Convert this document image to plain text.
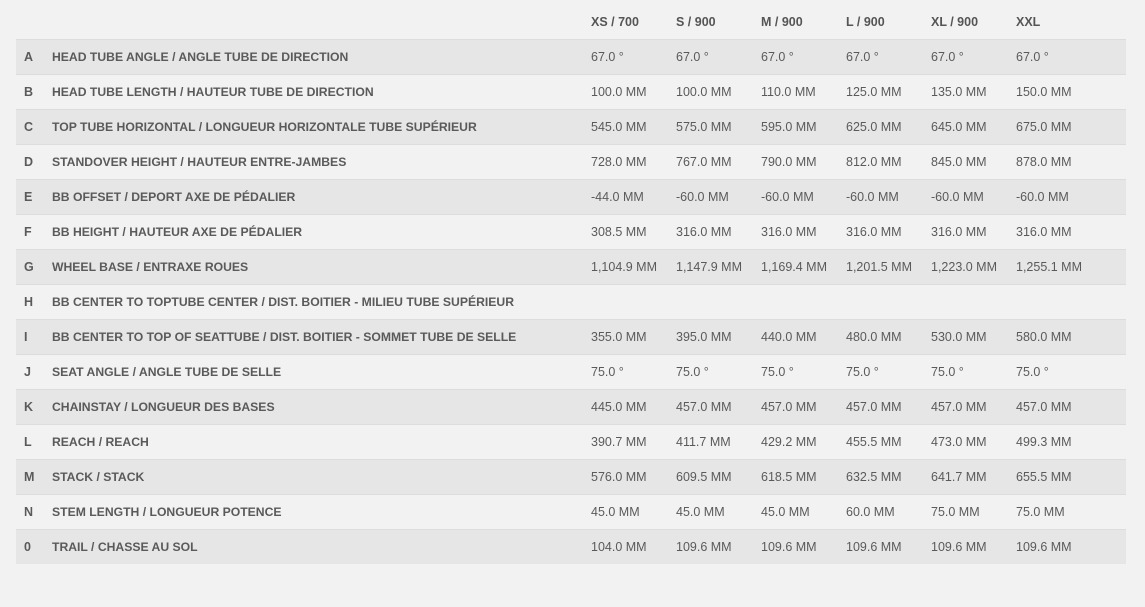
		XS / 700	S / 900	M / 900	L / 900	XL / 900	XXL
A	HEAD TUBE ANGLE / ANGLE TUBE DE DIRECTION	67.0 °	67.0 °	67.0 °	67.0 °	67.0 °	67.0 °
B	HEAD TUBE LENGTH / HAUTEUR TUBE DE DIRECTION	100.0 MM	100.0 MM	110.0 MM	125.0 MM	135.0 MM	150.0 MM
C	TOP TUBE HORIZONTAL / LONGUEUR HORIZONTALE TUBE SUPÉRIEUR	545.0 MM	575.0 MM	595.0 MM	625.0 MM	645.0 MM	675.0 MM
D	STANDOVER HEIGHT / HAUTEUR ENTRE-JAMBES	728.0 MM	767.0 MM	790.0 MM	812.0 MM	845.0 MM	878.0 MM
E	BB OFFSET / DEPORT AXE DE PÉDALIER	-44.0 MM	-60.0 MM	-60.0 MM	-60.0 MM	-60.0 MM	-60.0 MM
F	BB HEIGHT / HAUTEUR AXE DE PÉDALIER	308.5 MM	316.0 MM	316.0 MM	316.0 MM	316.0 MM	316.0 MM
G	WHEEL BASE / ENTRAXE ROUES	1,104.9 MM	1,147.9 MM	1,169.4 MM	1,201.5 MM	1,223.0 MM	1,255.1 MM
H	BB CENTER TO TOPTUBE CENTER / DIST. BOITIER - MILIEU TUBE SUPÉRIEUR						
I	BB CENTER TO TOP OF SEATTUBE / DIST. BOITIER - SOMMET TUBE DE SELLE	355.0 MM	395.0 MM	440.0 MM	480.0 MM	530.0 MM	580.0 MM
J	SEAT ANGLE / ANGLE TUBE DE SELLE	75.0 °	75.0 °	75.0 °	75.0 °	75.0 °	75.0 °
K	CHAINSTAY / LONGUEUR DES BASES	445.0 MM	457.0 MM	457.0 MM	457.0 MM	457.0 MM	457.0 MM
L	REACH / REACH	390.7 MM	411.7 MM	429.2 MM	455.5 MM	473.0 MM	499.3 MM
M	STACK / STACK	576.0 MM	609.5 MM	618.5 MM	632.5 MM	641.7 MM	655.5 MM
N	STEM LENGTH / LONGUEUR POTENCE	45.0 MM	45.0 MM	45.0 MM	60.0 MM	75.0 MM	75.0 MM
0	TRAIL / CHASSE AU SOL	104.0 MM	109.6 MM	109.6 MM	109.6 MM	109.6 MM	109.6 MM
